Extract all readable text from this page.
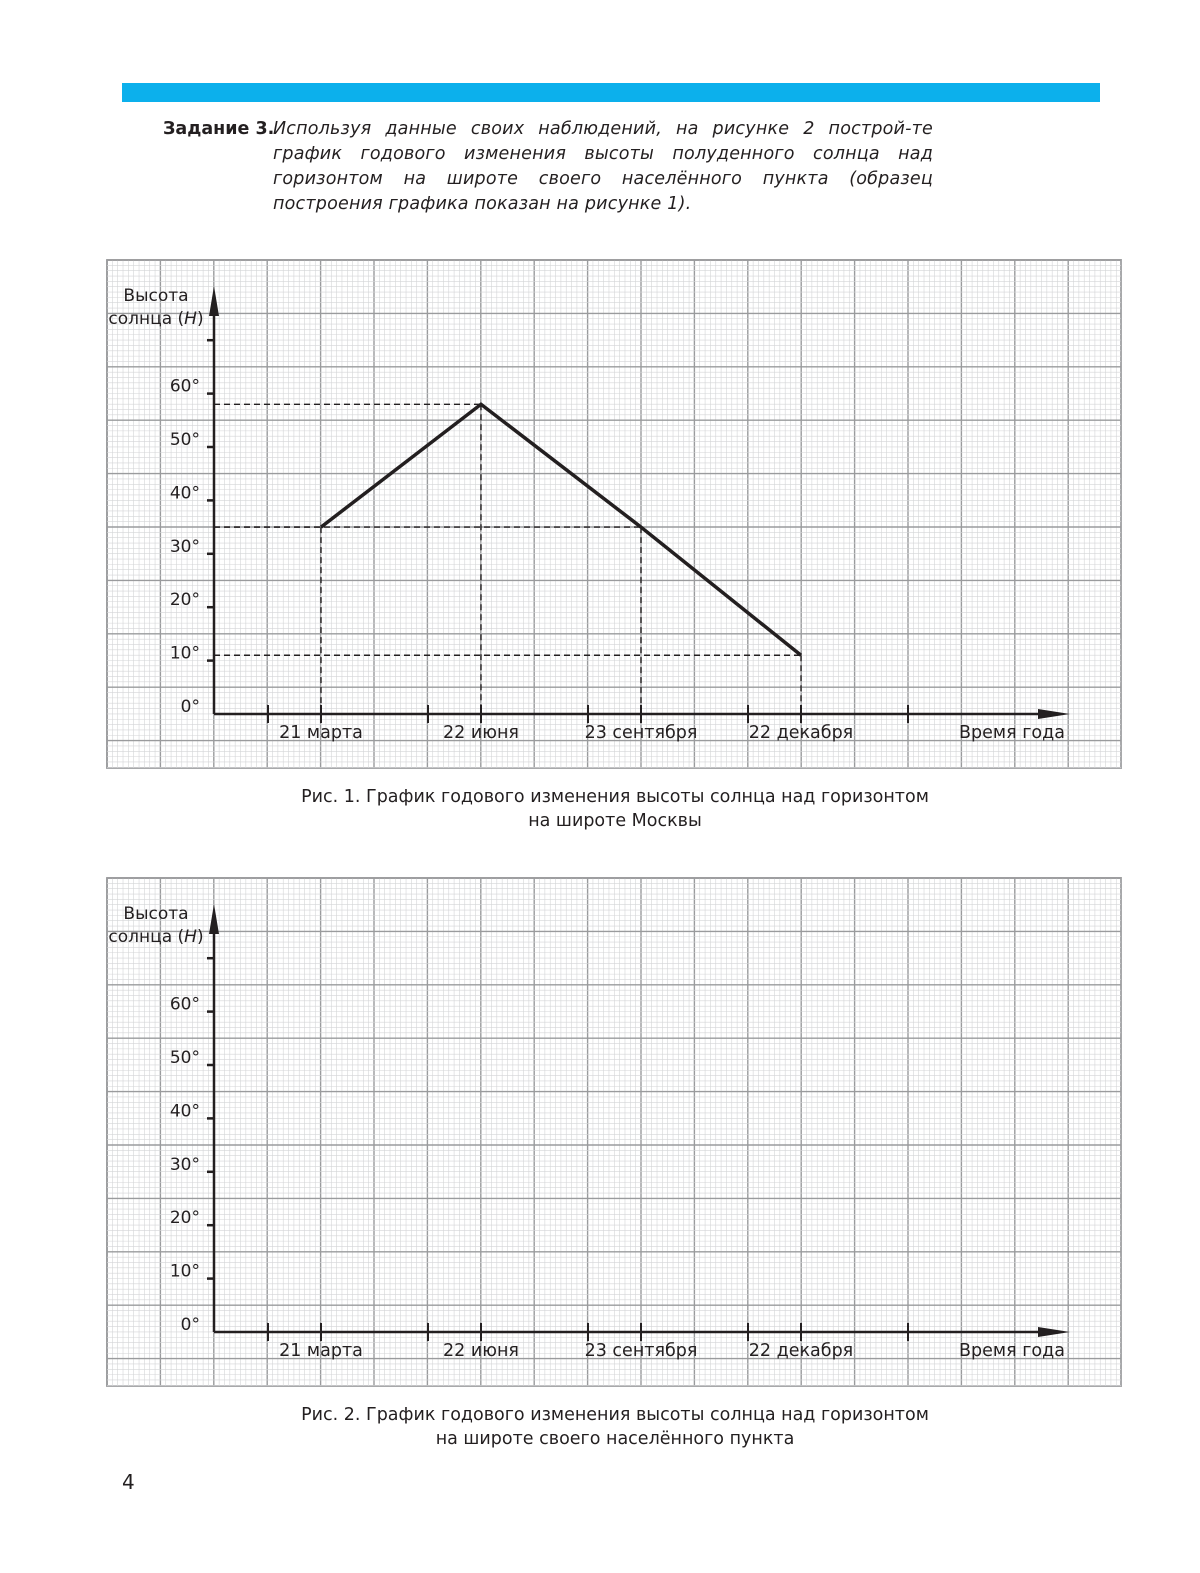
Задание 3.
Используя данные своих наблюдений, на рисунке 2 построй-те график годового изменения высоты полуденного солнца над горизонтом на широте своего населённого пункта (образец построения графика показан на рисунке 1).
0°
10°
20°
30°
40°
50°
60°
Высота
солнца (H)
21 марта	22 июня	23 сентября	22 декабря	Время года
Рис. 1. График годового изменения высоты солнца над горизонтом
на широте Москвы
0°
10°
20°
30°
40°
50°
60°
Высота
солнца (H)
21 марта	22 июня	23 сентября	22 декабря	Время года
Рис. 2. График годового изменения высоты солнца над горизонтом
на широте своего населённого пункта
4
